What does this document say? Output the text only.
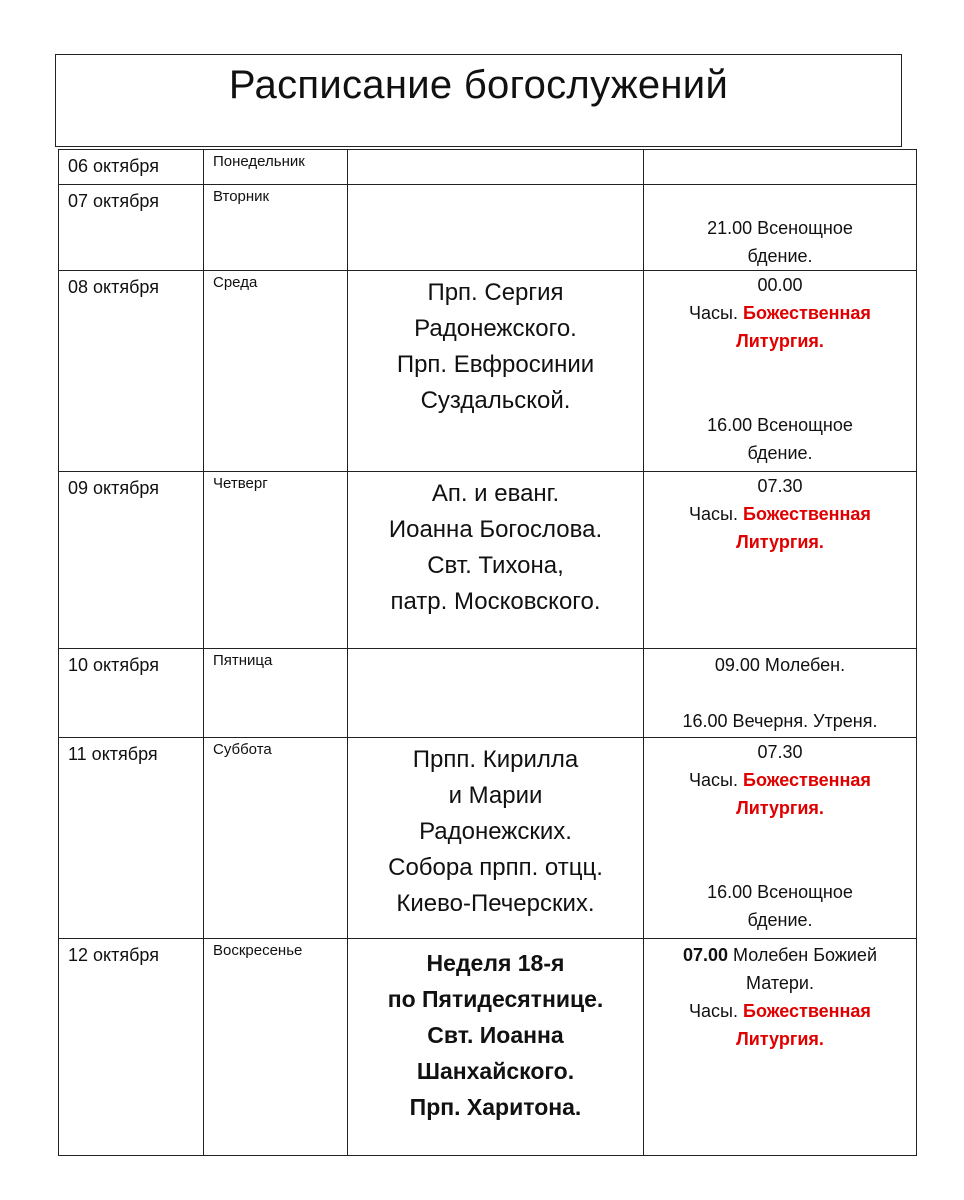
Расписание богослужений
06 октября	Понедельник		
07 октября	Вторник		21.00 Всенощное
бдение.

08 октября	Среда	Прп. Сергия
Радонежского.
Прп. Евфросинии
Суздальской.	00.00
Часы. Божественная
Литургия.
16.00 Всенощное
бдение.

09 октября	Четверг	Ап. и еванг.
Иоанна Богослова.
Свт. Тихона,
патр. Московского.	07.30
Часы. Божественная
Литургия.

10 октября	Пятница		09.00 Молебен.
16.00 Вечерня. Утреня.

11 октября	Суббота	Прпп. Кирилла
и Марии
Радонежских.
Собора прпп. отцц.
Киево-Печерских.	07.30
Часы. Божественная
Литургия.
16.00 Всенощное
бдение.

12 октября	Воскресенье	Неделя 18-я
по Пятидесятнице.
Свт. Иоанна
Шанхайского.
Прп. Харитона.	07.00 Молебен Божией
Матери.
Часы. Божественная
Литургия.
